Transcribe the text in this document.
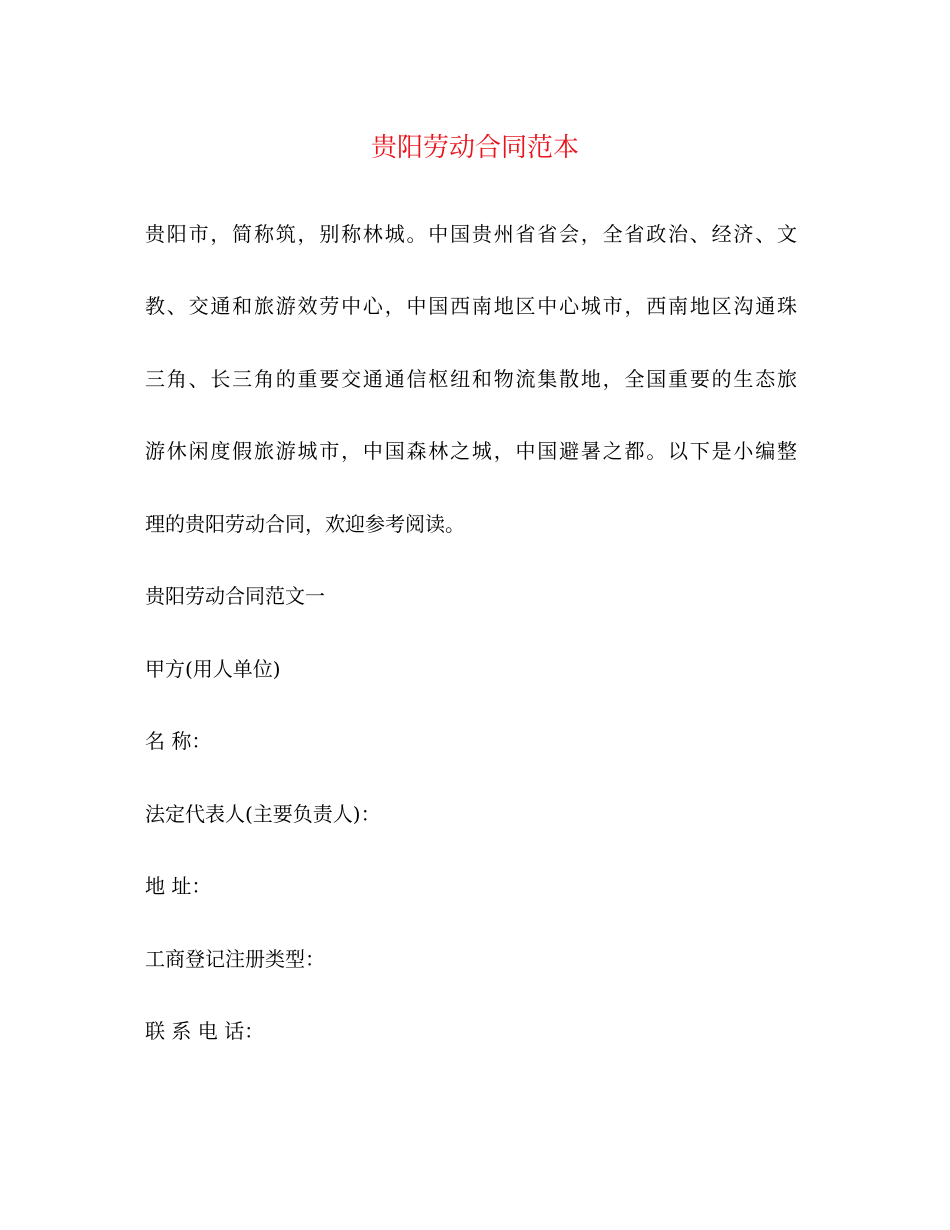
贵阳劳动合同范本

贵阳市，简称筑，别称林城。中国贵州省省会，全省政治、经济、文

教、交通和旅游效劳中心，中国西南地区中心城市，西南地区沟通珠

三角、长三角的重要交通通信枢纽和物流集散地，全国重要的生态旅

游休闲度假旅游城市，中国森林之城，中国避暑之都。以下是小编整

理的贵阳劳动合同，欢迎参考阅读。

贵阳劳动合同范文一

甲方(用人单位)

名 称：

法定代表人(主要负责人)：

地 址：

工商登记注册类型：

联 系 电 话：
